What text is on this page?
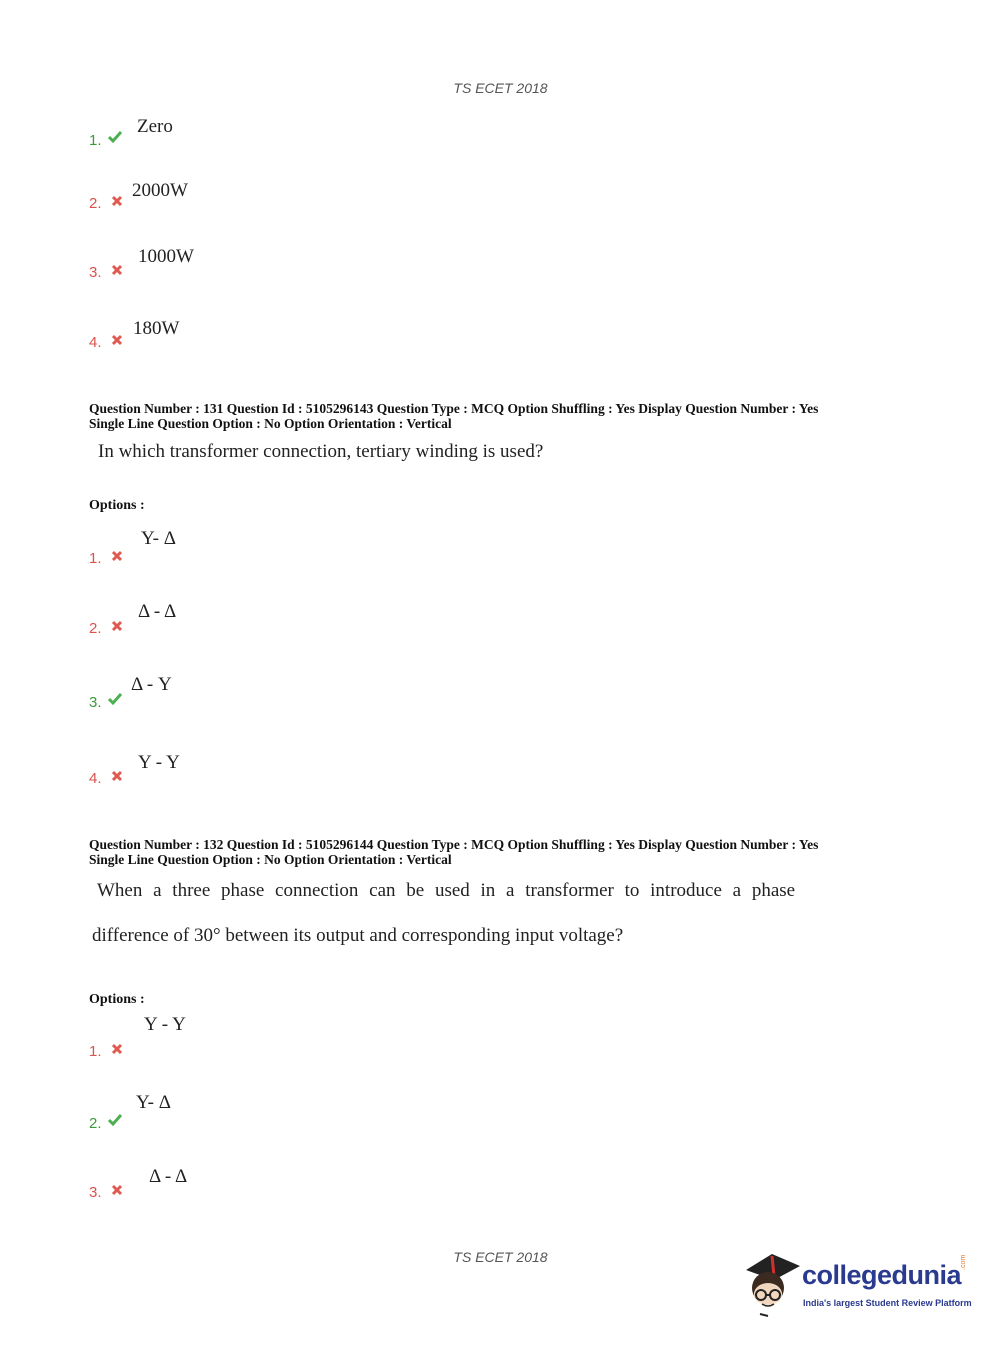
TS ECET 2018
1.
Zero
2.
2000W
3.
1000W
4.
180W
Question Number : 131 Question Id : 5105296143 Question Type : MCQ Option Shuffling : Yes Display Question Number : Yes
Single Line Question Option : No Option Orientation : Vertical
In which transformer connection, tertiary winding is used?
Options :
1.
Y- Δ
2.
Δ - Δ
3.
Δ - Y
4.
Y - Y
Question Number : 132 Question Id : 5105296144 Question Type : MCQ Option Shuffling : Yes Display Question Number : Yes
Single Line Question Option : No Option Orientation : Vertical
When a three phase connection can be used in a transformer to introduce a phase
difference of 30° between its output and corresponding input voltage?
Options :
1.
Y - Y
2.
Y- Δ
3.
Δ - Δ
TS ECET 2018
collegedunia
.com
India's largest Student Review Platform
